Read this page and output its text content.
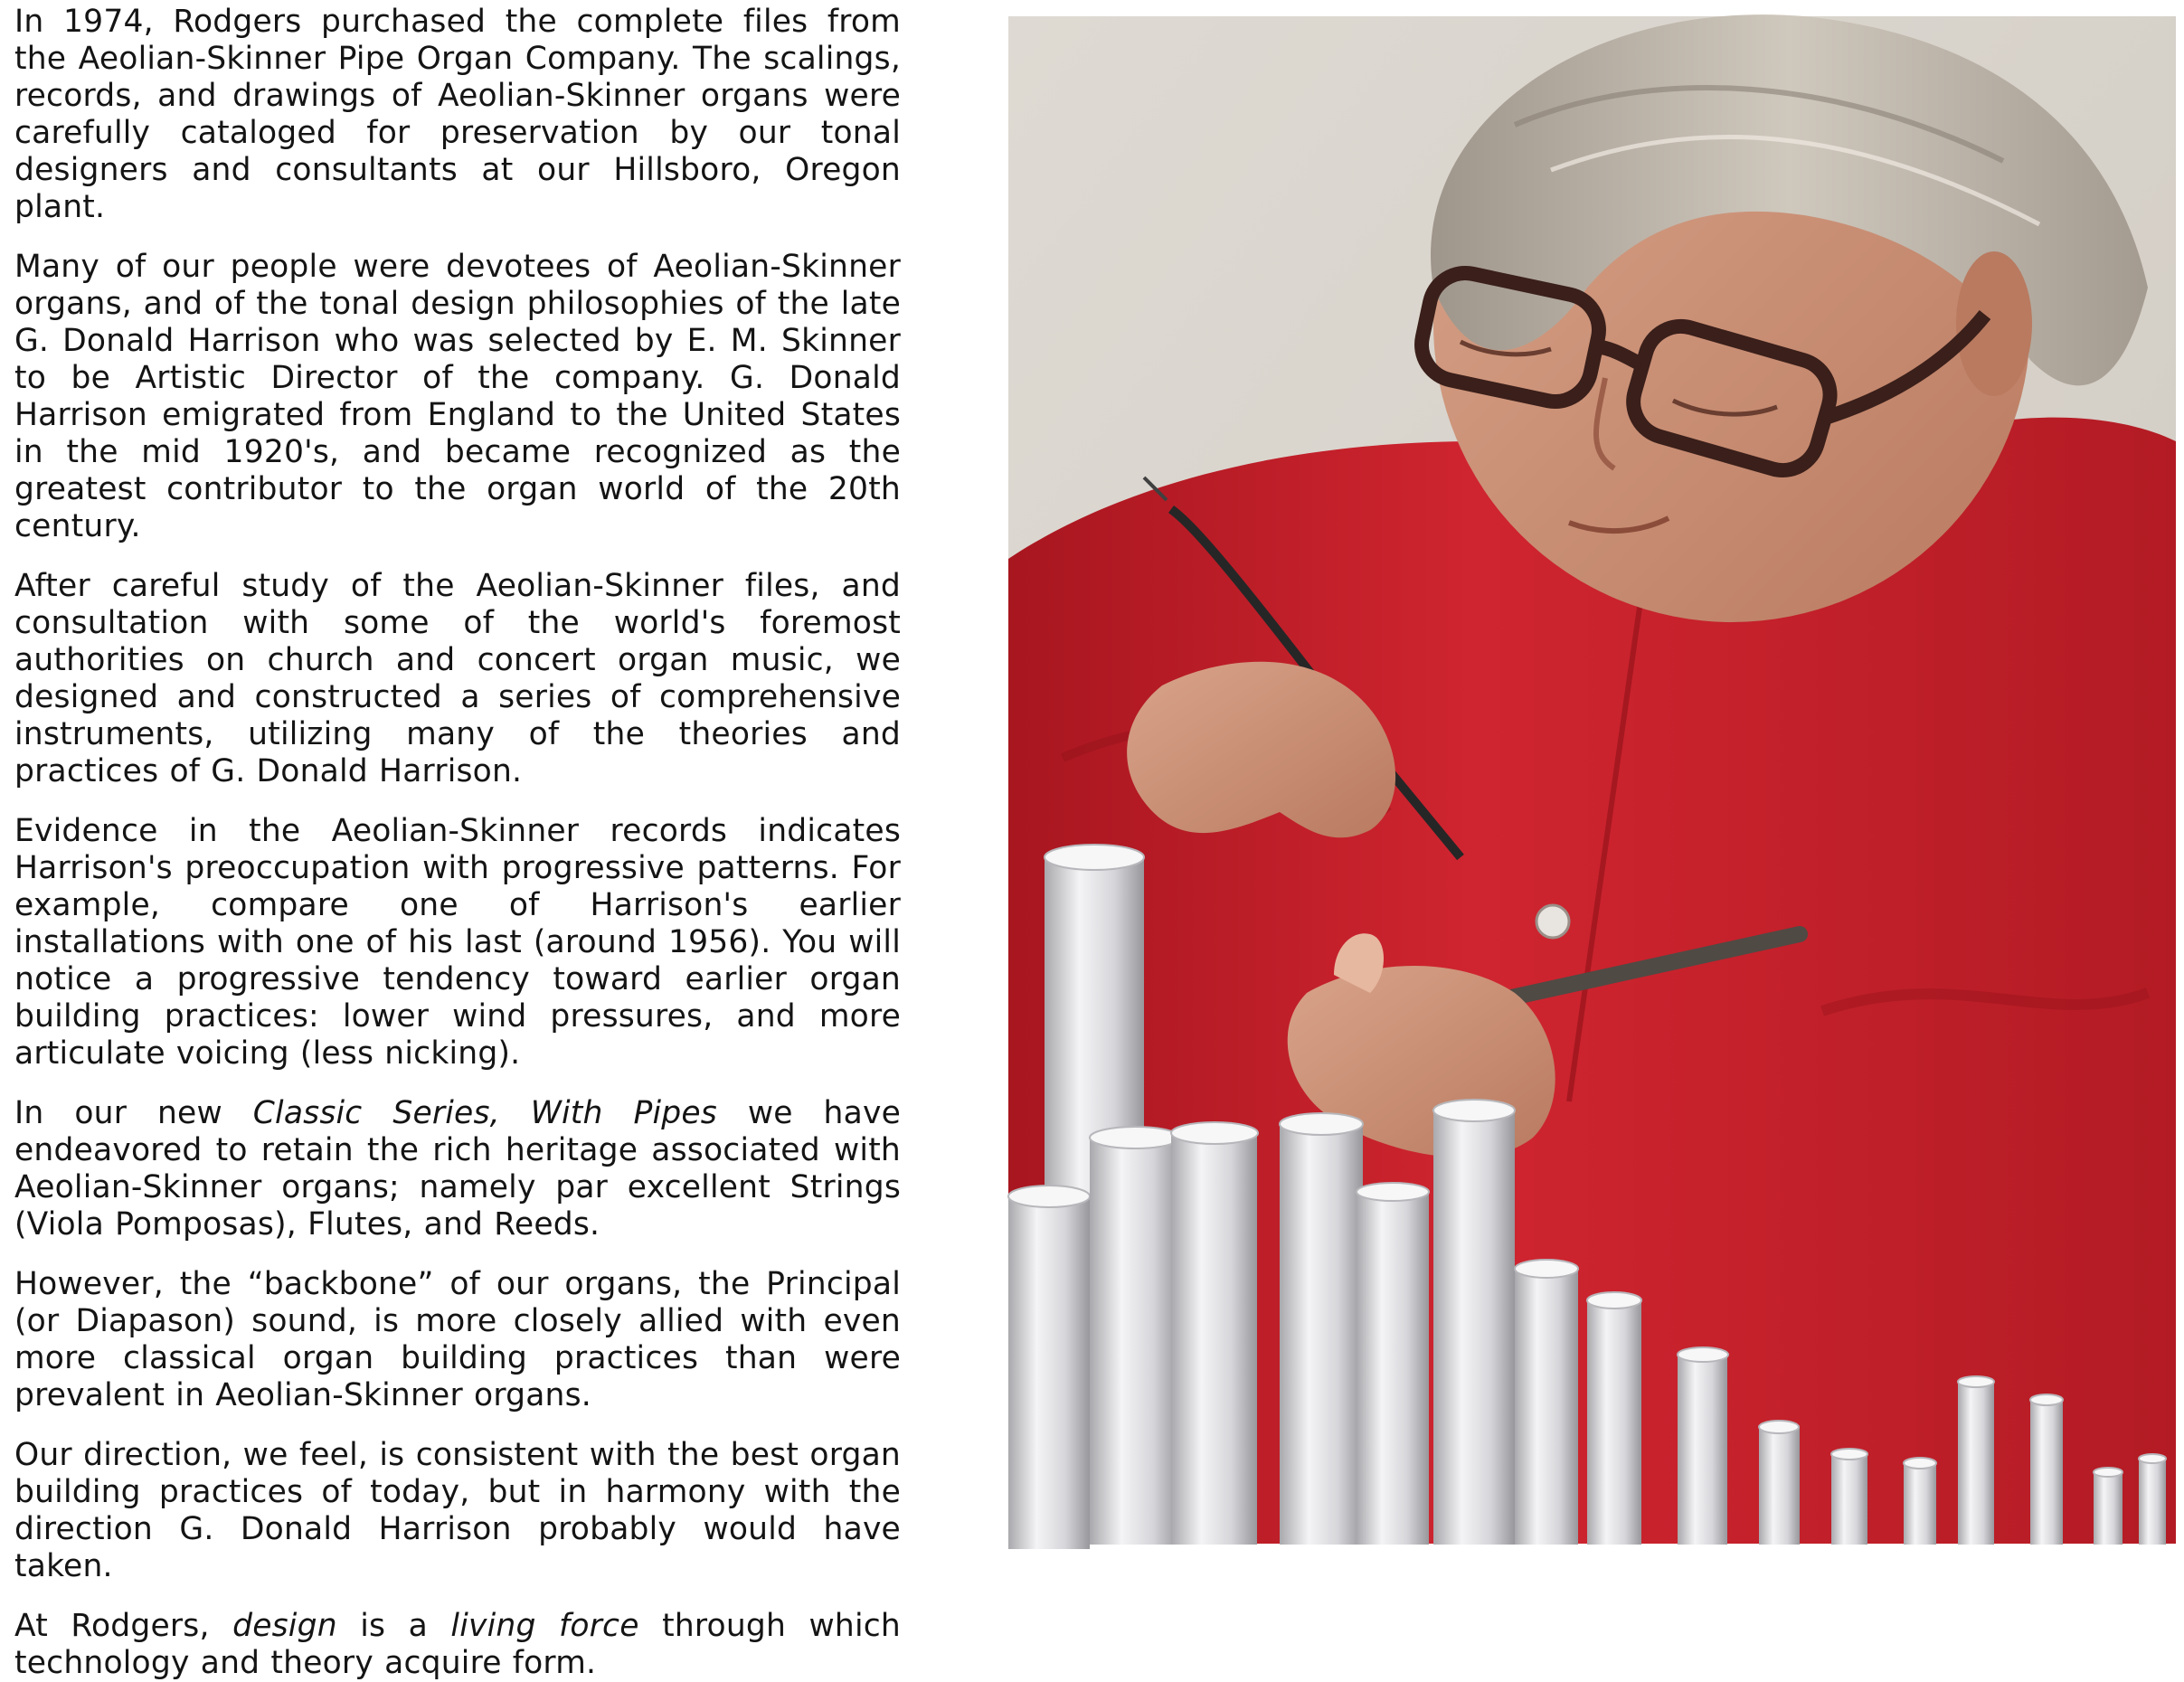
In 1974, Rodgers purchased the complete files from the Aeolian-Skinner Pipe Organ Company. The scalings, records, and drawings of Aeolian-Skinner organs were carefully cataloged for preservation by our tonal designers and consultants at our Hillsboro, Oregon plant.

Many of our people were devotees of Aeolian-Skinner organs, and of the tonal design philosophies of the late G. Donald Harrison who was selected by E. M. Skinner to be Artistic Director of the company. G. Donald Harrison emigrated from England to the United States in the mid 1920's, and became recognized as the greatest contributor to the organ world of the 20th century.

After careful study of the Aeolian-Skinner files, and consultation with some of the world's foremost authorities on church and concert organ music, we designed and constructed a series of comprehensive instruments, utilizing many of the theories and practices of G. Donald Harrison.

Evidence in the Aeolian-Skinner records indicates Harrison's preoccupation with progressive patterns. For example, compare one of Harrison's earlier installations with one of his last (around 1956). You will notice a progressive tendency toward earlier organ building practices: lower wind pressures, and more articulate voicing (less nicking).

In our new Classic Series, With Pipes we have endeavored to retain the rich heritage associated with Aeolian-Skinner organs; namely par excellent Strings (Viola Pomposas), Flutes, and Reeds.

However, the “backbone” of our organs, the Principal (or Diapason) sound, is more closely allied with even more classical organ building practices than were prevalent in Aeolian-Skinner organs.

Our direction, we feel, is consistent with the best organ building practices of today, but in harmony with the direction G. Donald Harrison probably would have taken.

At Rodgers, design is a living force through which technology and theory acquire form.
